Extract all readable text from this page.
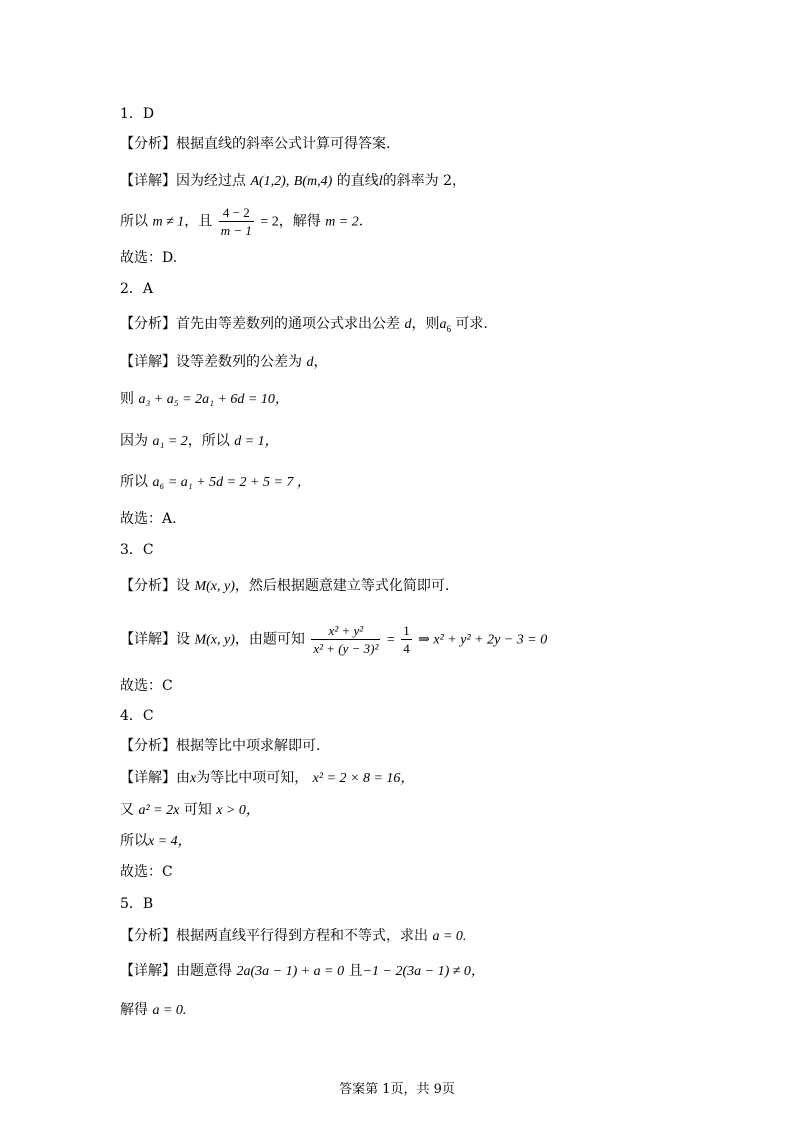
1．D
【分析】根据直线的斜率公式计算可得答案.
【详解】因为经过点 A(1,2), B(m,4) 的直线l的斜率为 2，
所以 m ≠ 1，且 $\frac{4 - 2}{m - 1} = 2$，解得 m = 2.
故选：D.
2．A
【分析】首先由等差数列的通项公式求出公差 d，则$a_6$ 可求.
【详解】设等差数列的公差为 d，
则 a₃ + a₅ = 2a₁ + 6d = 10，
因为 a₁ = 2，所以 d = 1，
所以 a₆ = a₁ + 5d = 2 + 5 = 7 ，
故选：A.
3．C
【分析】设 M(x, y)，然后根据题意建立等式化简即可.
【详解】设 M(x, y)，由题可知 $\frac{\text{x² + y²}}{\text{x² + (y − 3)²}} = \frac{1}{4}$ ⇒ x² + y² + 2y − 3 = 0
故选：C
4．C
【分析】根据等比中项求解即可.
【详解】由x为等比中项可知， x² = 2 × 8 = 16，
又 a² = 2x 可知 x > 0，
所以x = 4，
故选：C
5．B
【分析】根据两直线平行得到方程和不等式，求出 a = 0.
【详解】由题意得 2a(3a − 1) + a = 0 且−1 − 2(3a − 1) ≠ 0，
解得 a = 0.
答案第 1页，共 9页
